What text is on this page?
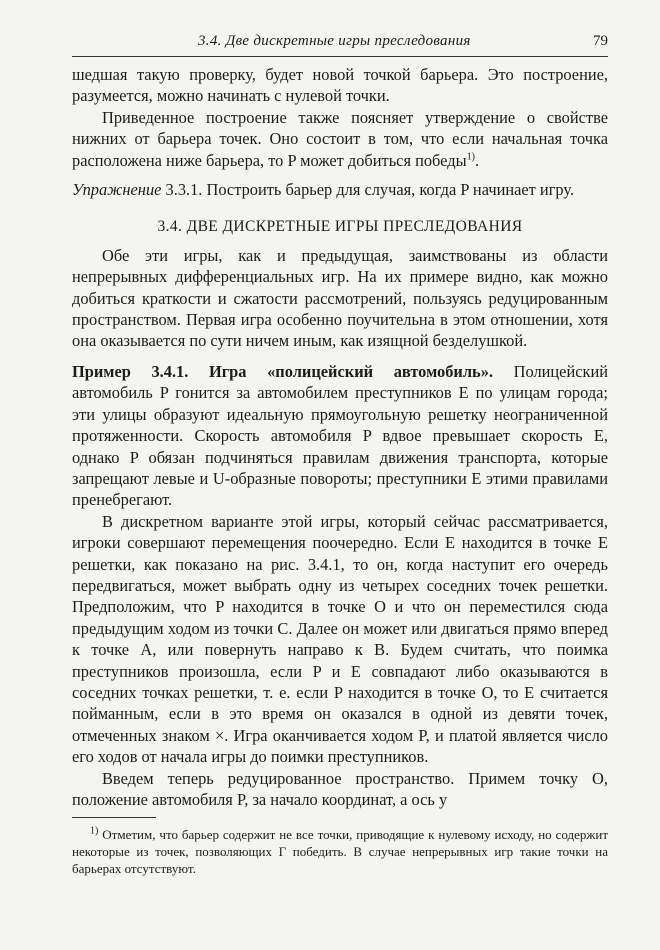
3.4. Две дискретные игры преследования	79

шедшая такую проверку, будет новой точкой барьера. Это построение, разумеется, можно начинать с нулевой точки.

Приведенное построение также поясняет утверждение о свойстве нижних от барьера точек. Оно состоит в том, что если начальная точка расположена ниже барьера, то P может добиться победы$^{1)}$.

Упражнение 3.3.1. Построить барьер для случая, когда P начинает игру.

3.4. ДВЕ ДИСКРЕТНЫЕ ИГРЫ ПРЕСЛЕДОВАНИЯ

Обе эти игры, как и предыдущая, заимствованы из области непрерывных дифференциальных игр. На их примере видно, как можно добиться краткости и сжатости рассмотрений, пользуясь редуцированным пространством. Первая игра особенно поучительна в этом отношении, хотя она оказывается по сути ничем иным, как изящной безделушкой.

Пример 3.4.1. Игра «полицейский автомобиль». Полицейский автомобиль P гонится за автомобилем преступников E по улицам города; эти улицы образуют идеальную прямоугольную решетку неограниченной протяженности. Скорость автомобиля P вдвое превышает скорость E, однако P обязан подчиняться правилам движения транспорта, которые запрещают левые и U-образные повороты; преступники E этими правилами пренебрегают.

В дискретном варианте этой игры, который сейчас рассматривается, игроки совершают перемещения поочередно. Если E находится в точке E решетки, как показано на рис. 3.4.1, то он, когда наступит его очередь передвигаться, может выбрать одну из четырех соседних точек решетки. Предположим, что P находится в точке O и что он переместился сюда предыдущим ходом из точки C. Далее он может или двигаться прямо вперед к точке A, или повернуть направо к B. Будем считать, что поимка преступников произошла, если P и E совпадают либо оказываются в соседних точках решетки, т. е. если P находится в точке O, то E считается пойманным, если в это время он оказался в одной из девяти точек, отмеченных знаком ×. Игра оканчивается ходом P, и платой является число его ходов от начала игры до поимки преступников.

Введем теперь редуцированное пространство. Примем точку O, положение автомобиля P, за начало координат, а ось y

$^{1)}$ Отметим, что барьер содержит не все точки, приводящие к нулевому исходу, но содержит некоторые из точек, позволяющих Г победить. В случае непрерывных игр такие точки на барьерах отсутствуют.
